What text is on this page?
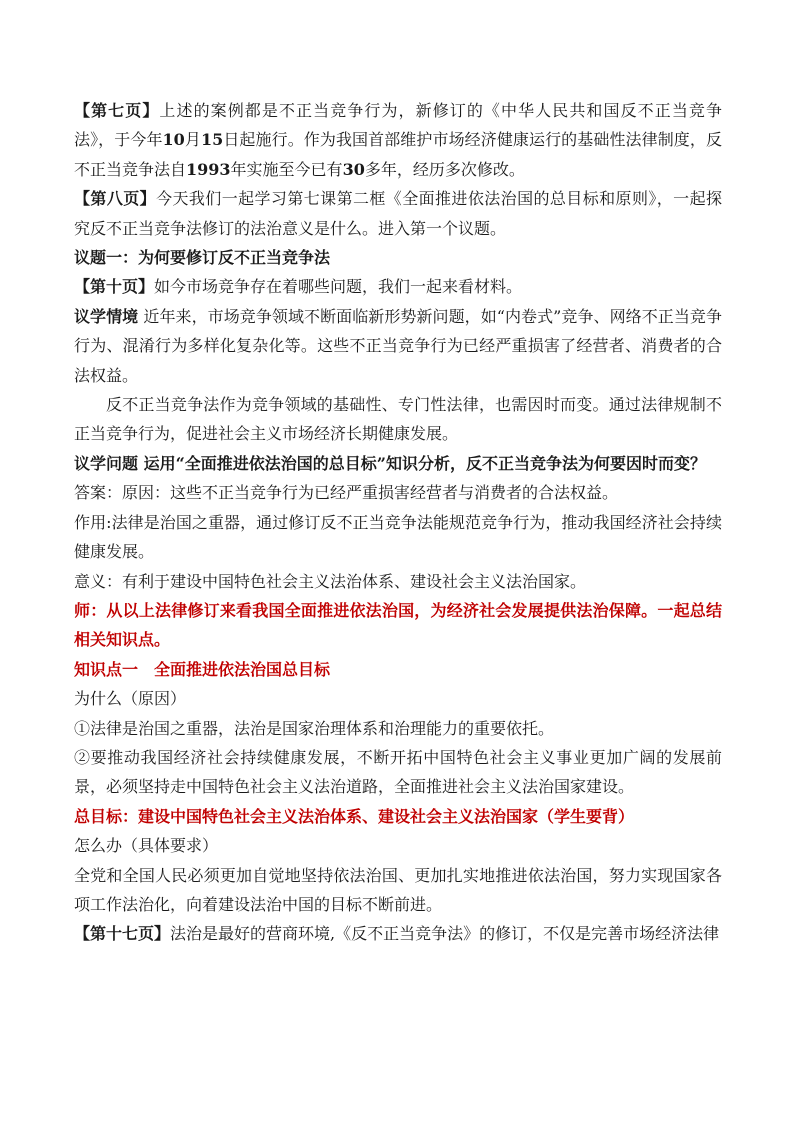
【第七页】上述的案例都是不正当竞争行为，新修订的《中华人民共和国反不正当竞争法》，于今年10月15日起施行。作为我国首部维护市场经济健康运行的基础性法律制度，反不正当竞争法自1993年实施至今已有30多年，经历多次修改。

【第八页】今天我们一起学习第七课第二框《全面推进依法治国的总目标和原则》，一起探究反不正当竞争法修订的法治意义是什么。进入第一个议题。

议题一：为何要修订反不正当竞争法

【第十页】如今市场竞争存在着哪些问题，我们一起来看材料。

议学情境 近年来，市场竞争领域不断面临新形势新问题，如“内卷式”竞争、网络不正当竞争行为、混淆行为多样化复杂化等。这些不正当竞争行为已经严重损害了经营者、消费者的合法权益。

反不正当竞争法作为竞争领域的基础性、专门性法律，也需因时而变。通过法律规制不正当竞争行为，促进社会主义市场经济长期健康发展。

议学问题 运用“全面推进依法治国的总目标”知识分析，反不正当竞争法为何要因时而变？

答案：原因：这些不正当竞争行为已经严重损害经营者与消费者的合法权益。

作用:法律是治国之重器，通过修订反不正当竞争法能规范竞争行为，推动我国经济社会持续健康发展。

意义：有利于建设中国特色社会主义法治体系、建设社会主义法治国家。

师：从以上法律修订来看我国全面推进依法治国，为经济社会发展提供法治保障。一起总结相关知识点。

知识点一　全面推进依法治国总目标

为什么（原因）

①法律是治国之重器，法治是国家治理体系和治理能力的重要依托。

②要推动我国经济社会持续健康发展，不断开拓中国特色社会主义事业更加广阔的发展前景，必须坚持走中国特色社会主义法治道路，全面推进社会主义法治国家建设。

总目标：建设中国特色社会主义法治体系、建设社会主义法治国家（学生要背）

怎么办（具体要求）

全党和全国人民必须更加自觉地坚持依法治国、更加扎实地推进依法治国，努力实现国家各项工作法治化，向着建设法治中国的目标不断前进。

【第十七页】法治是最好的营商环境,《反不正当竞争法》的修订，不仅是完善市场经济法律
